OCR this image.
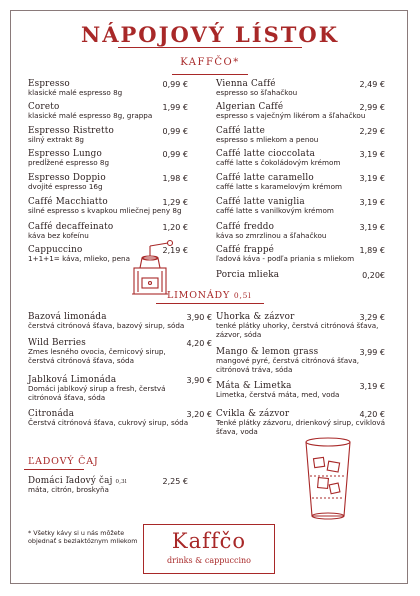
NÁPOJOVÝ LÍSTOK
KAFFČO*
Espresso
klasické malé espresso 8g
0,99 €
Coreto
klasické malé espresso 8g, grappa
1,99 €
Espresso Ristretto
silný extrakt 8g
0,99 €
Espresso Lungo
predĺžené espresso 8g
0,99 €
Espresso Doppio
dvojité espresso 16g
1,98 €
Caffé Macchiatto
silné espresso s kvapkou mliečnej peny 8g
1,29 €
Caffé decaffeinato
káva bez kofeínu
1,20 €
Cappuccino
1+1+1= káva, mlieko, pena
2,19 €
Vienna Caffé
espresso so šľahačkou
2,49 €
Algerian Caffé
espresso s vaječným likérom a šľahačkou
2,99 €
Caffé latte
espresso s mliekom a penou
2,29 €
Caffé latte cioccolata
caffé latte s čokoládovým krémom
3,19 €
Caffé latte caramello
caffé latte s karamelovým krémom
3,19 €
Caffé latte vaniglia
caffé latte s vanilkovým krémom
3,19 €
Caffé freddo
káva so zmrzlinou a šľahačkou
3,19 €
Caffé frappé
ľadová káva - podľa priania s mliekom
1,89 €
Porcia mlieka	0,20€
LIMONÁDY 0,5l
Bazová limonáda
čerstvá citrónová šťava, bazový sirup, sóda
3,90 €
Wild Berries
Zmes lesného ovocia, černicový sirup, čerstvá citrónová šťava, sóda
4,20 €
Jablková Limonáda
Domáci jablkový sirup a fresh, čerstvá citrónová šťava, sóda
3,90 €
Citronáda
Čerstvá citrónová šťava, cukrový sirup, sóda
3,20 €
Uhorka & zázvor
tenké plátky uhorky, čerstvá citrónová šťava, zázvor, sóda
3,29 €
Mango & lemon grass
mangové pyré, čerstvá citrónová šťava, citrónová tráva, sóda
3,99 €
Máta & Limetka
Limetka, čerstvá máta, med, voda
3,19 €
Cvikla & zázvor
Tenké plátky zázvoru, drienkový sirup, cviklová šťava, voda
4,20 €
ĽADOVÝ ČAJ
Domáci ľadový čaj 0,3l
máta, citrón, broskyňa
2,25 €
* Všetky kávy si u nás môžete objednať s bezlaktóznym mliekom	Kaffčo
drinks & cappuccino
